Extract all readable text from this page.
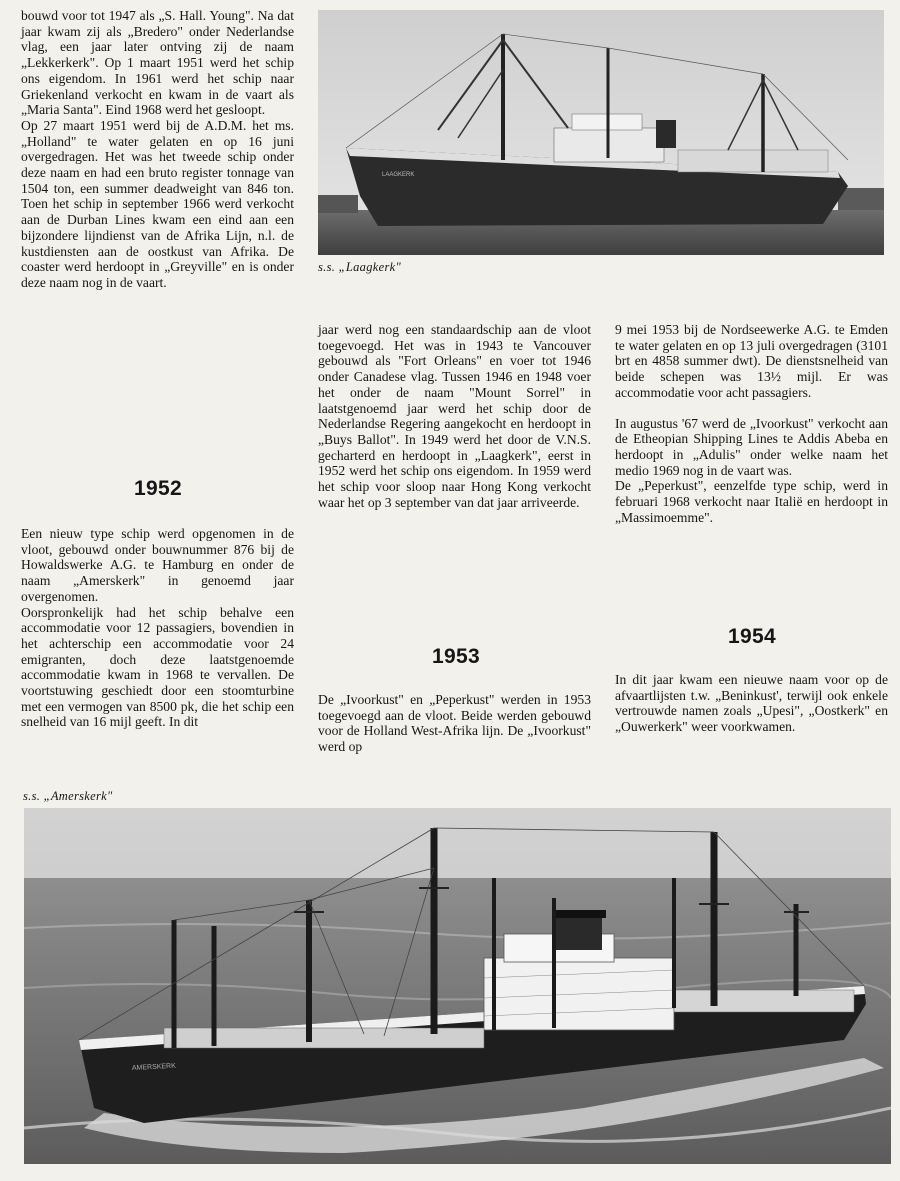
bouwd voor tot 1947 als „S. Hall. Young". Na dat jaar kwam zij als „Bredero" onder Nederlandse vlag, een jaar later ontving zij de naam „Lekkerkerk". Op 1 maart 1951 werd het schip ons eigendom. In 1961 werd het schip naar Griekenland verkocht en kwam in de vaart als „Maria Santa". Eind 1968 werd het gesloopt.

Op 27 maart 1951 werd bij de A.D.M. het ms. „Holland" te water gelaten en op 16 juni overgedragen. Het was het tweede schip onder deze naam en had een bruto register tonnage van 1504 ton, een summer deadweight van 846 ton. Toen het schip in september 1966 werd verkocht aan de Durban Lines kwam een eind aan een bijzondere lijndienst van de Afrika Lijn, n.l. de kustdiensten aan de oostkust van Afrika. De coaster werd herdoopt in „Greyville" en is onder deze naam nog in de vaart.

LAAGKERK

s.s. „Laagkerk"

1952

Een nieuw type schip werd opgenomen in de vloot, gebouwd onder bouwnummer 876 bij de Howaldswerke A.G. te Hamburg en onder de naam „Amerskerk" in genoemd jaar overgenomen.

Oorspronkelijk had het schip behalve een accommodatie voor 12 passagiers, bovendien in het achterschip een accommodatie voor 24 emigranten, doch deze laatstgenoemde accommodatie kwam in 1968 te vervallen. De voortstuwing geschiedt door een stoomturbine met een vermogen van 8500 pk, die het schip een snelheid van 16 mijl geeft. In dit

jaar werd nog een standaardschip aan de vloot toegevoegd. Het was in 1943 te Vancouver gebouwd als "Fort Orleans" en voer tot 1946 onder Canadese vlag. Tussen 1946 en 1948 voer het onder de naam "Mount Sorrel" in laatstgenoemd jaar werd het schip door de Nederlandse Regering aangekocht en herdoopt in „Buys Ballot". In 1949 werd het door de V.N.S. gecharterd en herdoopt in „Laagkerk", eerst in 1952 werd het schip ons eigendom. In 1959 werd het schip voor sloop naar Hong Kong verkocht waar het op 3 september van dat jaar arriveerde.

1953

De „Ivoorkust" en „Peperkust" werden in 1953 toegevoegd aan de vloot. Beide werden gebouwd voor de Holland West-Afrika lijn. De „Ivoorkust" werd op

9 mei 1953 bij de Nordseewerke A.G. te Emden te water gelaten en op 13 juli overgedragen (3101 brt en 4858 summer dwt). De dienstsnelheid van beide schepen was 13½ mijl. Er was accommodatie voor acht passagiers.

In augustus '67 werd de „Ivoorkust" verkocht aan de Etheopian Shipping Lines te Addis Abeba en herdoopt in „Adulis" onder welke naam het medio 1969 nog in de vaart was.

De „Peperkust", eenzelfde type schip, werd in februari 1968 verkocht naar Italië en herdoopt in „Massimoemme".

1954

In dit jaar kwam een nieuwe naam voor op de afvaartlijsten t.w. „Beninkust', terwijl ook enkele vertrouwde namen zoals „Upesi", „Oostkerk" en „Ouwerkerk" weer voorkwamen.

s.s. „Amerskerk"

AMERSKERK
